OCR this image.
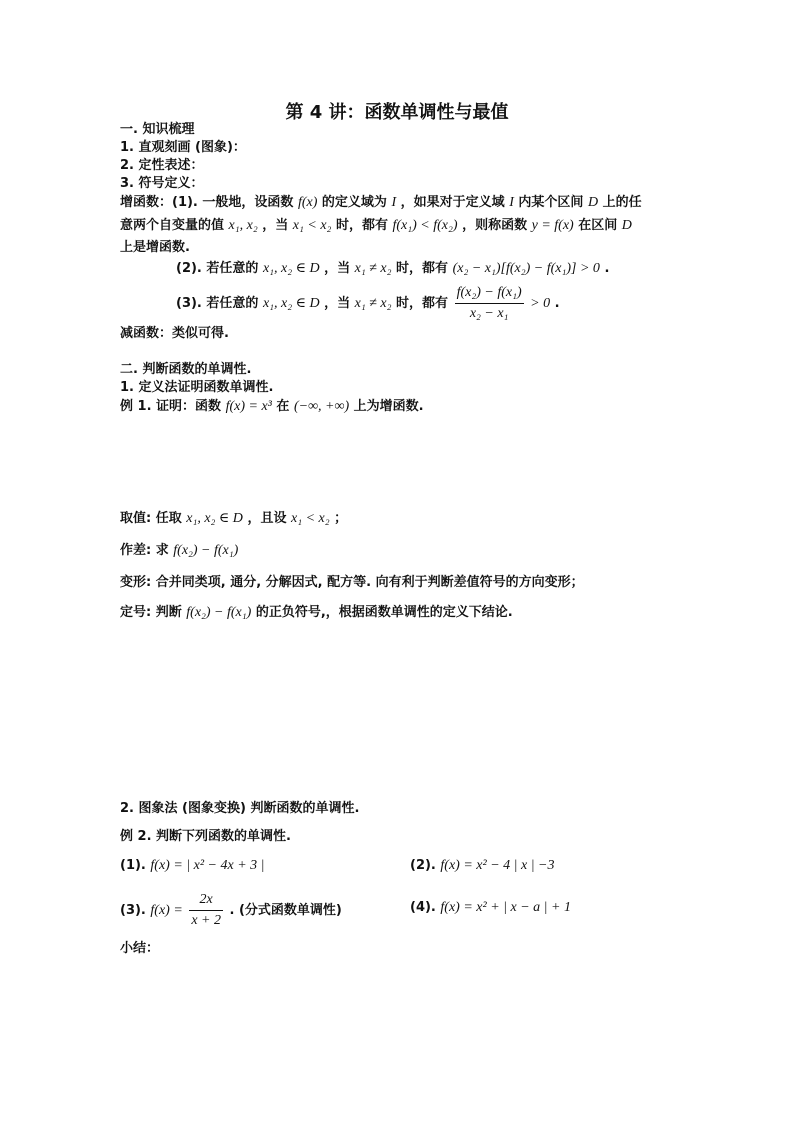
第 4 讲：函数单调性与最值
一. 知识梳理
1. 直观刻画 (图象)：
2. 定性表述：
3. 符号定义：
增函数：(1). 一般地，设函数 f(x) 的定义域为 I ，如果对于定义域 I 内某个区间 D 上的任
意两个自变量的值 x₁, x₂ ，当 x₁ < x₂ 时，都有 f(x₁) < f(x₂) ，则称函数 y = f(x) 在区间 D
上是增函数.
(2). 若任意的 x₁, x₂ ∈ D ，当 x₁ ≠ x₂ 时，都有 (x₂ − x₁)[f(x₂) − f(x₁)] > 0 .
(3). 若任意的 x₁, x₂ ∈ D ，当 x₁ ≠ x₂ 时，都有 $\frac{\text{f(x₂) − f(x₁)}}{\text{x₂ − x₁}} > 0$ .
减函数：类似可得.
二. 判断函数的单调性.
1. 定义法证明函数单调性.
例 1. 证明：函数 f(x) = x³ 在 (−∞, +∞) 上为增函数.
取值: 任取 x₁, x₂ ∈ D ，且设 x₁ < x₂ ；
作差: 求 f(x₂) − f(x₁)
变形: 合并同类项, 通分, 分解因式, 配方等. 向有利于判断差值符号的方向变形；
定号: 判断 f(x₂) − f(x₁) 的正负符号,，根据函数单调性的定义下结论.
2. 图象法 (图象变换) 判断函数的单调性.
例 2. 判断下列函数的单调性.
(1). f(x) = | x² − 4x + 3 |	(2). f(x) = x² − 4 | x | −3
(3). $f(x) = \frac{2x}{x + 2}$ . (分式函数单调性)	(4). f(x) = x² + | x − a | + 1
小结：
